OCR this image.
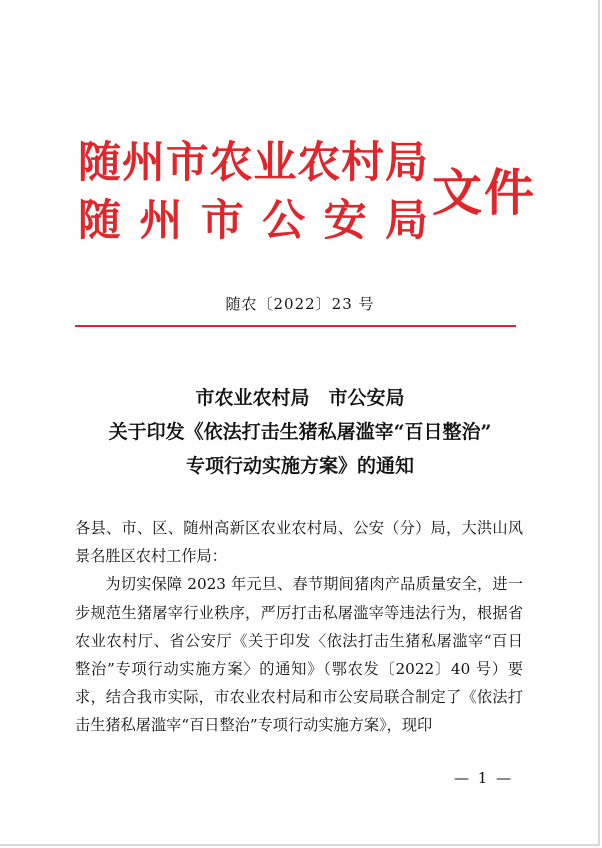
随 州 市 农 业 农 村 局
随 州 市 公 安 局 文件
随农〔2022〕23 号
市农业农村局　市公安局
关于印发《依法打击生猪私屠滥宰“百日整治”
专项行动实施方案》的通知

各县、市、区、随州高新区农业农村局、公安（分）局，大洪山风景名胜区农村工作局：

为切实保障 2023 年元旦、春节期间猪肉产品质量安全，进一步规范生猪屠宰行业秩序，严厉打击私屠滥宰等违法行为，根据省农业农村厅、省公安厅《关于印发〈依法打击生猪私屠滥宰“百日整治”专项行动实施方案〉的通知》（鄂农发〔2022〕40 号）要求，结合我市实际，市农业农村局和市公安局联合制定了《依法打击生猪私屠滥宰“百日整治”专项行动实施方案》，现印

— 1 —
